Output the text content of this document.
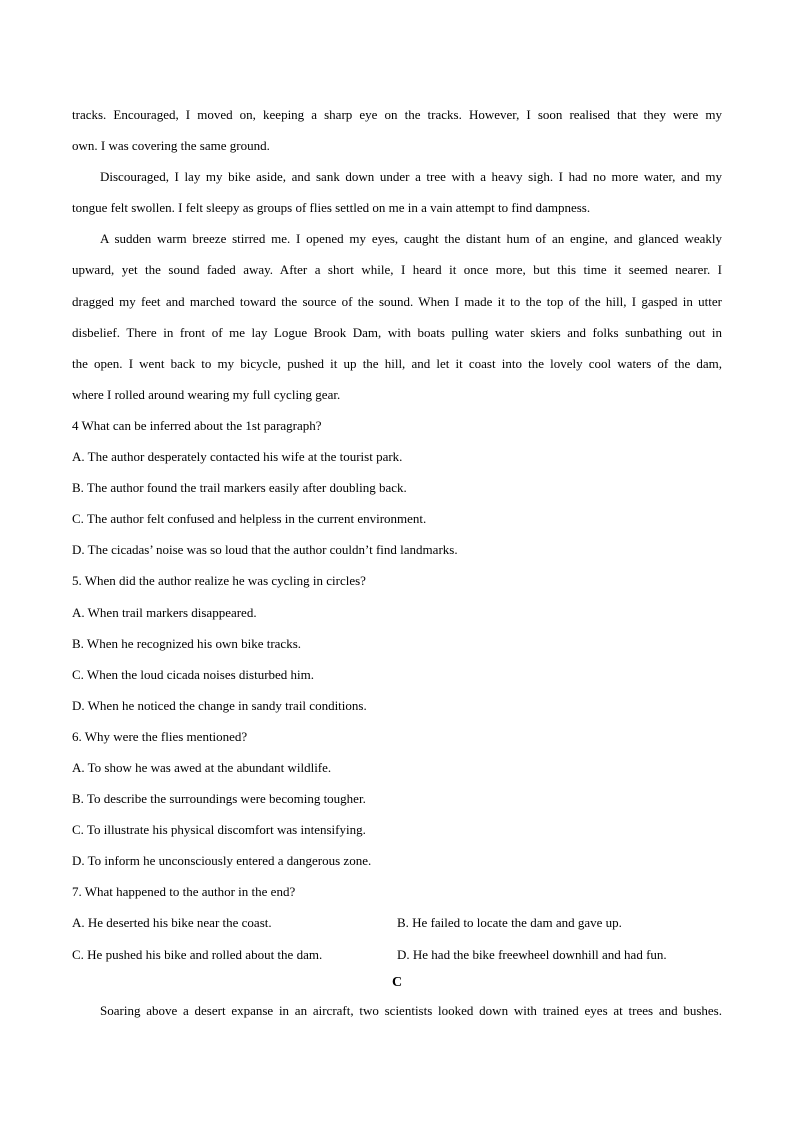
tracks. Encouraged, I moved on, keeping a sharp eye on the tracks. However, I soon realised that they were my
own. I was covering the same ground.
Discouraged, I lay my bike aside, and sank down under a tree with a heavy sigh. I had no more water, and my
tongue felt swollen. I felt sleepy as groups of flies settled on me in a vain attempt to find dampness.
A sudden warm breeze stirred me. I opened my eyes, caught the distant hum of an engine, and glanced weakly
upward, yet the sound faded away. After a short while, I heard it once more, but this time it seemed nearer. I
dragged my feet and marched toward the source of the sound. When I made it to the top of the hill, I gasped in utter
disbelief. There in front of me lay Logue Brook Dam, with boats pulling water skiers and folks sunbathing out in
the open. I went back to my bicycle, pushed it up the hill, and let it coast into the lovely cool waters of the dam,
where I rolled around wearing my full cycling gear.
4 What can be inferred about the 1st paragraph?
A. The author desperately contacted his wife at the tourist park.
B. The author found the trail markers easily after doubling back.
C. The author felt confused and helpless in the current environment.
D. The cicadas’ noise was so loud that the author couldn’t find landmarks.
5. When did the author realize he was cycling in circles?
A. When trail markers disappeared.
B. When he recognized his own bike tracks.
C. When the loud cicada noises disturbed him.
D. When he noticed the change in sandy trail conditions.
6. Why were the flies mentioned?
A. To show he was awed at the abundant wildlife.
B. To describe the surroundings were becoming tougher.
C. To illustrate his physical discomfort was intensifying.
D. To inform he unconsciously entered a dangerous zone.
7. What happened to the author in the end?
A. He deserted his bike near the coast.	B. He failed to locate the dam and gave up.
C. He pushed his bike and rolled about the dam.	D. He had the bike freewheel downhill and had fun.
C
Soaring above a desert expanse in an aircraft, two scientists looked down with trained eyes at trees and bushes.
